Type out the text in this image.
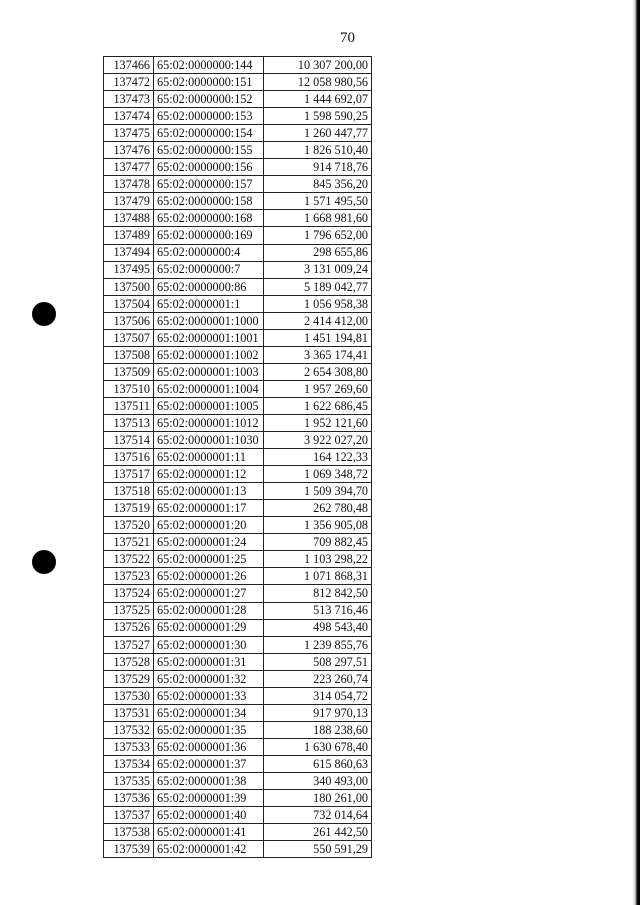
70
137466	65:02:0000000:144	10 307 200,00
137472	65:02:0000000:151	12 058 980,56
137473	65:02:0000000:152	1 444 692,07
137474	65:02:0000000:153	1 598 590,25
137475	65:02:0000000:154	1 260 447,77
137476	65:02:0000000:155	1 826 510,40
137477	65:02:0000000:156	914 718,76
137478	65:02:0000000:157	845 356,20
137479	65:02:0000000:158	1 571 495,50
137488	65:02:0000000:168	1 668 981,60
137489	65:02:0000000:169	1 796 652,00
137494	65:02:0000000:4	298 655,86
137495	65:02:0000000:7	3 131 009,24
137500	65:02:0000000:86	5 189 042,77
137504	65:02:0000001:1	1 056 958,38
137506	65:02:0000001:1000	2 414 412,00
137507	65:02:0000001:1001	1 451 194,81
137508	65:02:0000001:1002	3 365 174,41
137509	65:02:0000001:1003	2 654 308,80
137510	65:02:0000001:1004	1 957 269,60
137511	65:02:0000001:1005	1 622 686,45
137513	65:02:0000001:1012	1 952 121,60
137514	65:02:0000001:1030	3 922 027,20
137516	65:02:0000001:11	164 122,33
137517	65:02:0000001:12	1 069 348,72
137518	65:02:0000001:13	1 509 394,70
137519	65:02:0000001:17	262 780,48
137520	65:02:0000001:20	1 356 905,08
137521	65:02:0000001:24	709 882,45
137522	65:02:0000001:25	1 103 298,22
137523	65:02:0000001:26	1 071 868,31
137524	65:02:0000001:27	812 842,50
137525	65:02:0000001:28	513 716,46
137526	65:02:0000001:29	498 543,40
137527	65:02:0000001:30	1 239 855,76
137528	65:02:0000001:31	508 297,51
137529	65:02:0000001:32	223 260,74
137530	65:02:0000001:33	314 054,72
137531	65:02:0000001:34	917 970,13
137532	65:02:0000001:35	188 238,60
137533	65:02:0000001:36	1 630 678,40
137534	65:02:0000001:37	615 860,63
137535	65:02:0000001:38	340 493,00
137536	65:02:0000001:39	180 261,00
137537	65:02:0000001:40	732 014,64
137538	65:02:0000001:41	261 442,50
137539	65:02:0000001:42	550 591,29
